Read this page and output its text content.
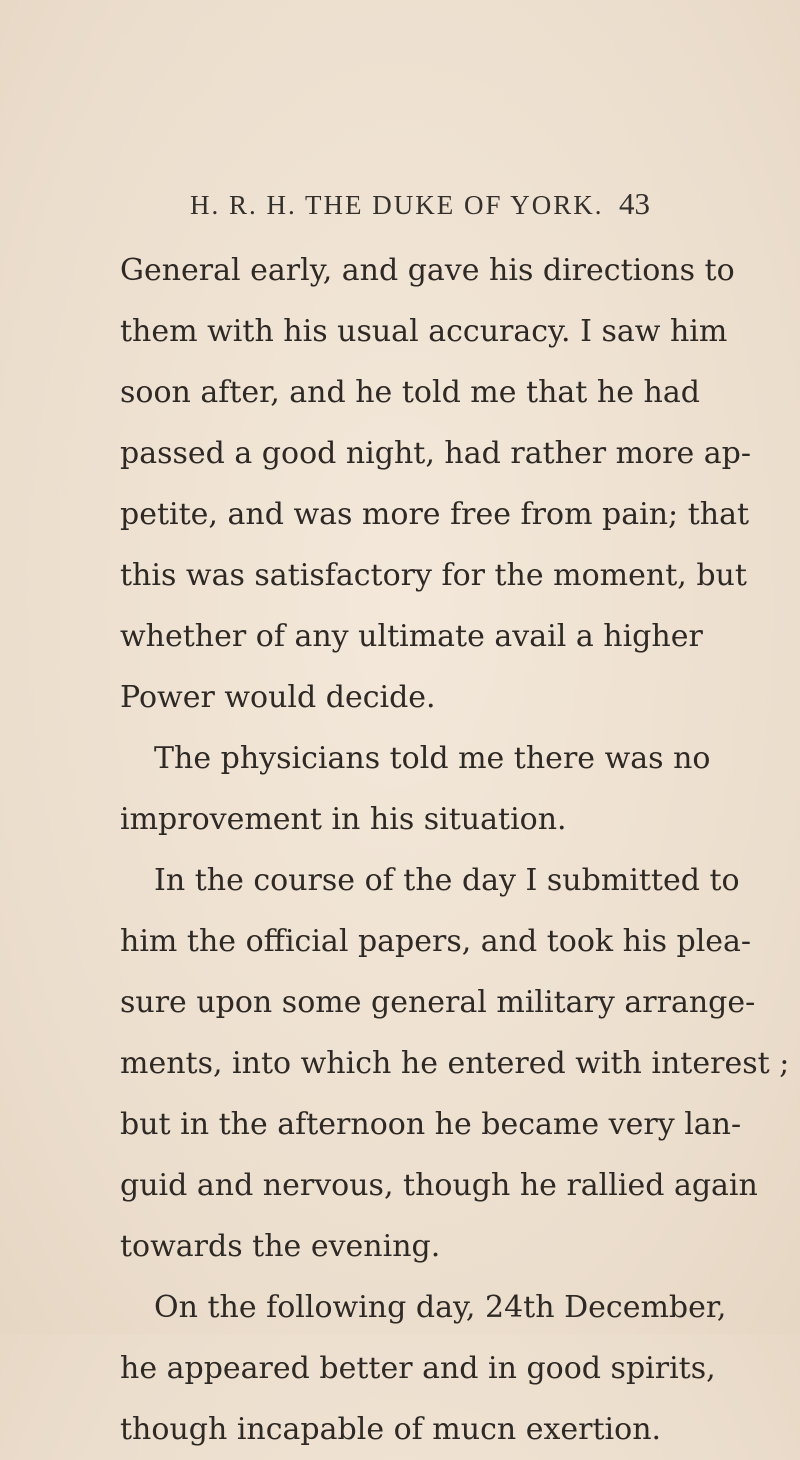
H. R. H. THE DUKE OF YORK. 43
General early, and gave his directions to
them with his usual accuracy. I saw him
soon after, and he told me that he had
passed a good night, had rather more ap-
petite, and was more free from pain; that
this was satisfactory for the moment, but
whether of any ultimate avail a higher
Power would decide.
The physicians told me there was no
improvement in his situation.
In the course of the day I submitted to
him the official papers, and took his plea-
sure upon some general military arrange-
ments, into which he entered with interest ;
but in the afternoon he became very lan-
guid and nervous, though he rallied again
towards the evening.
On the following day, 24th December,
he appeared better and in good spirits,
though incapable of mucn exertion.
